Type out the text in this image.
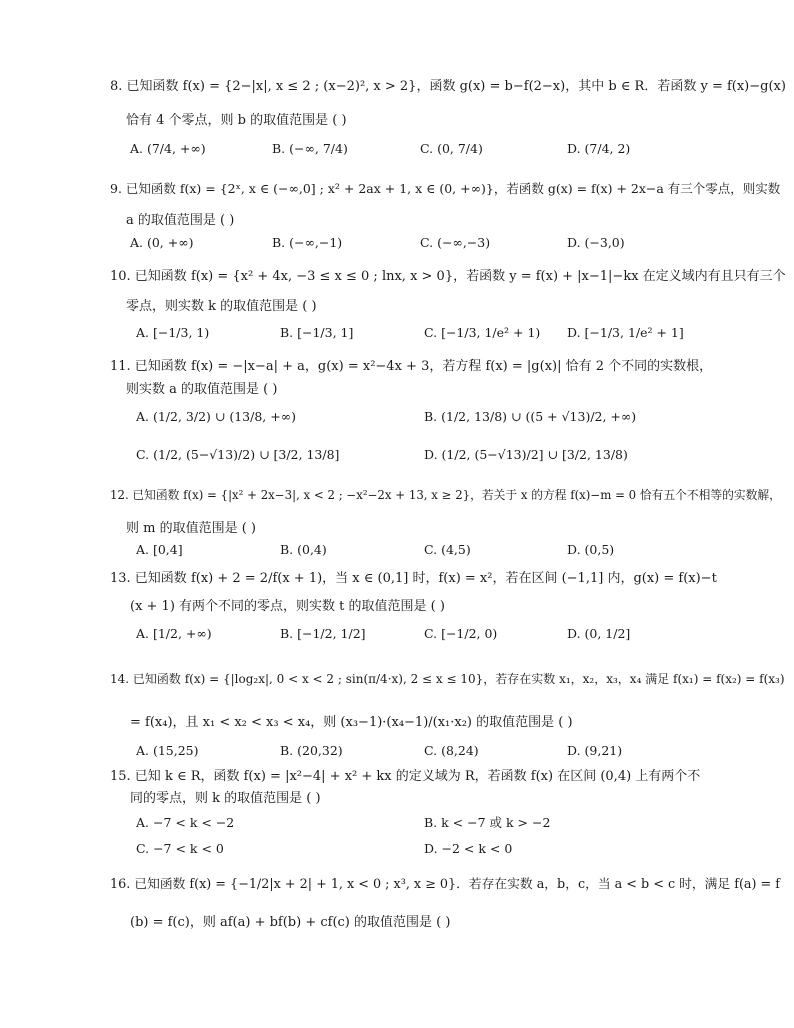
8. 已知函数 f(x) = {2−|x|, x ≤ 2 ; (x−2)², x > 2}，函数 g(x) = b−f(2−x)，其中 b ∈ R．若函数 y = f(x)−g(x)
恰有 4 个零点，则 b 的取值范围是 ( )
A. (7/4, +∞)	B. (−∞, 7/4)	C. (0, 7/4)	D. (7/4, 2)
9. 已知函数 f(x) = {2ˣ, x ∈ (−∞,0] ; x² + 2ax + 1, x ∈ (0, +∞)}，若函数 g(x) = f(x) + 2x−a 有三个零点，则实数
a 的取值范围是 ( )
A. (0, +∞)	B. (−∞,−1)	C. (−∞,−3)	D. (−3,0)
10. 已知函数 f(x) = {x² + 4x, −3 ≤ x ≤ 0 ; lnx, x > 0}，若函数 y = f(x) + |x−1|−kx 在定义域内有且只有三个
零点，则实数 k 的取值范围是 ( )
A. [−1/3, 1)	B. [−1/3, 1]	C. [−1/3, 1/e² + 1) D. [−1/3, 1/e² + 1]
11. 已知函数 f(x) = −|x−a| + a，g(x) = x²−4x + 3，若方程 f(x) = |g(x)| 恰有 2 个不同的实数根，
则实数 a 的取值范围是 ( )
A. (1/2, 3/2) ∪ (13/8, +∞)	B. (1/2, 13/8) ∪ ((5 + √13)/2, +∞)
C. (1/2, (5−√13)/2) ∪ [3/2, 13/8]	D. (1/2, (5−√13)/2] ∪ [3/2, 13/8)
12. 已知函数 f(x) = {|x² + 2x−3|, x < 2 ; −x²−2x + 13, x ≥ 2}，若关于 x 的方程 f(x)−m = 0 恰有五个不相等的实数解，
则 m 的取值范围是 ( )
A. [0,4]	B. (0,4)	C. (4,5)	D. (0,5)
13. 已知函数 f(x) + 2 = 2/f(x + 1)，当 x ∈ (0,1] 时，f(x) = x²，若在区间 (−1,1] 内，g(x) = f(x)−t
(x + 1) 有两个不同的零点，则实数 t 的取值范围是 ( )
A. [1/2, +∞)	B. [−1/2, 1/2]	C. [−1/2, 0)	D. (0, 1/2]
14. 已知函数 f(x) = {|log₂x|, 0 < x < 2 ; sin(π/4·x), 2 ≤ x ≤ 10}，若存在实数 x₁，x₂，x₃，x₄ 满足 f(x₁) = f(x₂) = f(x₃)
= f(x₄)，且 x₁ < x₂ < x₃ < x₄，则 (x₃−1)·(x₄−1)/(x₁·x₂) 的取值范围是 ( )
A. (15,25)	B. (20,32)	C. (8,24)	D. (9,21)
15. 已知 k ∈ R，函数 f(x) = |x²−4| + x² + kx 的定义域为 R，若函数 f(x) 在区间 (0,4) 上有两个不
同的零点，则 k 的取值范围是 ( )
A. −7 < k < −2	B. k < −7 或 k > −2
C. −7 < k < 0	D. −2 < k < 0
16. 已知函数 f(x) = {−1/2|x + 2| + 1, x < 0 ; x³, x ≥ 0}．若存在实数 a，b，c，当 a < b < c 时，满足 f(a) = f
(b) = f(c)，则 af(a) + bf(b) + cf(c) 的取值范围是 ( )
